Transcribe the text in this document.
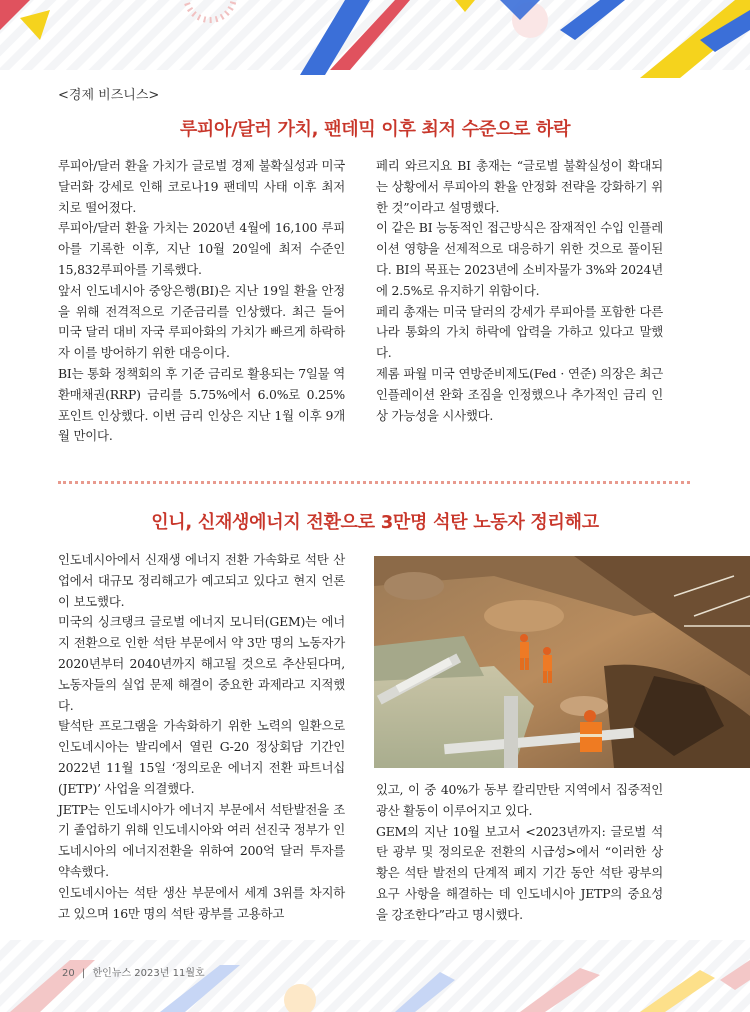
<경제 비즈니스>
루피아/달러 가치, 팬데믹 이후 최저 수준으로 하락

루피아/달러 환율 가치가 글로벌 경제 불확실성과 미국 달러화 강세로 인해 코로나19 팬데믹 사태 이후 최저치로 떨어졌다.

루피아/달러 환율 가치는 2020년 4월에 16,100 루피아를 기록한 이후, 지난 10월 20일에 최저 수준인 15,832루피아를 기록했다.

앞서 인도네시아 중앙은행(BI)은 지난 19일 환율 안정을 위해 전격적으로 기준금리를 인상했다. 최근 들어 미국 달러 대비 자국 루피아화의 가치가 빠르게 하락하자 이를 방어하기 위한 대응이다.

BI는 통화 정책회의 후 기준 금리로 활용되는 7일물 역환매채권(RRP) 금리를 5.75%에서 6.0%로 0.25%포인트 인상했다. 이번 금리 인상은 지난 1월 이후 9개월 만이다.

페리 와르지요 BI 총재는 “글로벌 불확실성이 확대되는 상황에서 루피아의 환율 안정화 전략을 강화하기 위한 것”이라고 설명했다.

이 같은 BI 능동적인 접근방식은 잠재적인 수입 인플레이션 영향을 선제적으로 대응하기 위한 것으로 풀이된다. BI의 목표는 2023년에 소비자물가 3%와 2024년에 2.5%로 유지하기 위함이다.

페리 총재는 미국 달러의 강세가 루피아를 포함한 다른 나라 통화의 가치 하락에 압력을 가하고 있다고 말했다.

제롬 파월 미국 연방준비제도(Fed · 연준) 의장은 최근 인플레이션 완화 조짐을 인정했으나 추가적인 금리 인상 가능성을 시사했다.

인니, 신재생에너지 전환으로 3만명 석탄 노동자 정리해고

인도네시아에서 신재생 에너지 전환 가속화로 석탄 산업에서 대규모 정리해고가 예고되고 있다고 현지 언론이 보도했다.

미국의 싱크탱크 글로벌 에너지 모니터(GEM)는 에너지 전환으로 인한 석탄 부문에서 약 3만 명의 노동자가 2020년부터 2040년까지 해고될 것으로 추산된다며, 노동자들의 실업 문제 해결이 중요한 과제라고 지적했다.

탈석탄 프로그램을 가속화하기 위한 노력의 일환으로 인도네시아는 발리에서 열린 G-20 정상회담 기간인 2022년 11월 15일 ‘정의로운 에너지 전환 파트너십(JETP)’ 사업을 의결했다.

JETP는 인도네시아가 에너지 부문에서 석탄발전을 조기 졸업하기 위해 인도네시아와 여러 선진국 정부가 인도네시아의 에너지전환을 위하여 200억 달러 투자를 약속했다.

인도네시아는 석탄 생산 부문에서 세계 3위를 차지하고 있으며 16만 명의 석탄 광부를 고용하고

있고, 이 중 40%가 동부 칼리만탄 지역에서 집중적인 광산 활동이 이루어지고 있다.

GEM의 지난 10월 보고서 <2023년까지: 글로벌 석탄 광부 및 정의로운 전환의 시급성>에서 “이러한 상황은 석탄 발전의 단계적 폐지 기간 동안 석탄 광부의 요구 사항을 해결하는 데 인도네시아 JETP의 중요성을 강조한다”라고 명시했다.

20 | 한인뉴스 2023년 11월호
